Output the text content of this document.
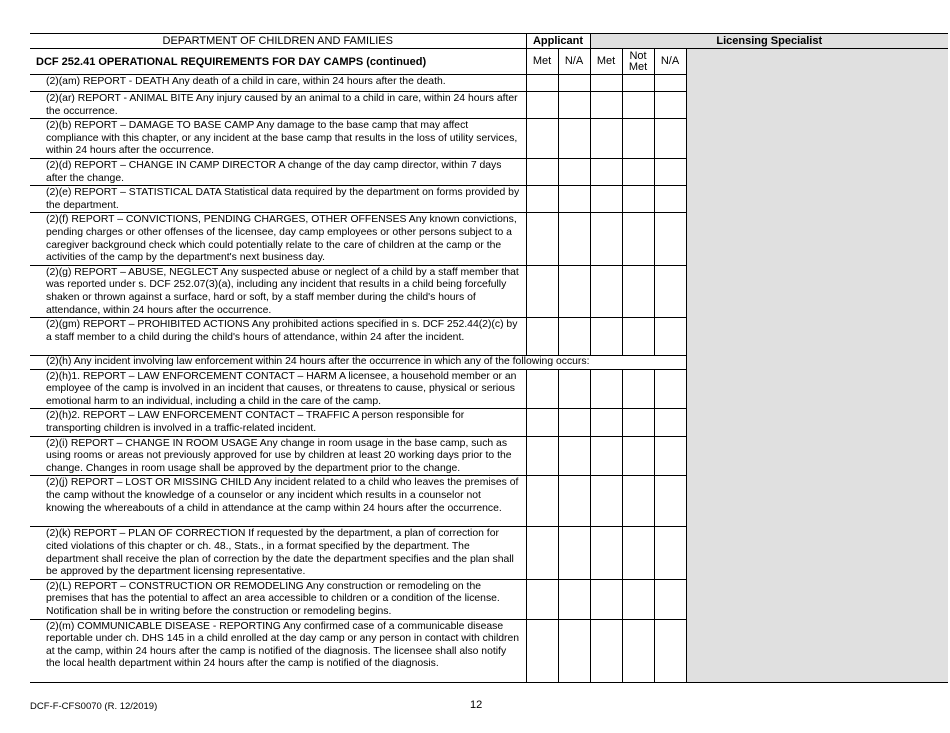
DEPARTMENT OF CHILDREN AND FAMILIES	Applicant		Licensing Specialist			
DCF 252.41 OPERATIONAL REQUIREMENTS FOR DAY CAMPS (continued)	Met	N/A	Met	Not Met	N/A	
(2)(am) REPORT - DEATH Any death of a child in care, within 24 hours after the death.						
(2)(ar) REPORT - ANIMAL BITE Any injury caused by an animal to a child in care, within 24 hours after the occurrence.						
(2)(b) REPORT – DAMAGE TO BASE CAMP Any damage to the base camp that may affect compliance with this chapter, or any incident at the base camp that results in the loss of utility services, within 24 hours after the occurrence.						
(2)(d) REPORT – CHANGE IN CAMP DIRECTOR A change of the day camp director, within 7 days after the change.						
(2)(e) REPORT – STATISTICAL DATA Statistical data required by the department on forms provided by the department.						
(2)(f) REPORT – CONVICTIONS, PENDING CHARGES, OTHER OFFENSES Any known convictions, pending charges or other offenses of the licensee, day camp employees or other persons subject to a caregiver background check which could potentially relate to the care of children at the camp or the activities of the camp by the department's next business day.						
(2)(g) REPORT – ABUSE, NEGLECT Any suspected abuse or neglect of a child by a staff member that was reported under s. DCF 252.07(3)(a), including any incident that results in a child being forcefully shaken or thrown against a surface, hard or soft, by a staff member during the child's hours of attendance, within 24 hours after the occurrence.						
(2)(gm) REPORT – PROHIBITED ACTIONS Any prohibited actions specified in s. DCF 252.44(2)(c) by a staff member to a child during the child's hours of attendance, within 24 after the incident.						
(2)(h) Any incident involving law enforcement within 24 hours after the occurrence in which any of the following occurs:						
(2)(h)1. REPORT – LAW ENFORCEMENT CONTACT – HARM A licensee, a household member or an employee of the camp is involved in an incident that causes, or threatens to cause, physical or serious emotional harm to an individual, including a child in the care of the camp.						
(2)(h)2. REPORT – LAW ENFORCEMENT CONTACT – TRAFFIC A person responsible for transporting children is involved in a traffic-related incident.						
(2)(i) REPORT – CHANGE IN ROOM USAGE Any change in room usage in the base camp, such as using rooms or areas not previously approved for use by children at least 20 working days prior to the change. Changes in room usage shall be approved by the department prior to the change.						
(2)(j) REPORT – LOST OR MISSING CHILD Any incident related to a child who leaves the premises of the camp without the knowledge of a counselor or any incident which results in a counselor not knowing the whereabouts of a child in attendance at the camp within 24 hours after the occurrence.						
(2)(k) REPORT – PLAN OF CORRECTION If requested by the department, a plan of correction for cited violations of this chapter or ch. 48., Stats., in a format specified by the department. The department shall receive the plan of correction by the date the department specifies and the plan shall be approved by the department licensing representative.						
(2)(L) REPORT – CONSTRUCTION OR REMODELING Any construction or remodeling on the premises that has the potential to affect an area accessible to children or a condition of the license. Notification shall be in writing before the construction or remodeling begins.						
(2)(m) COMMUNICABLE DISEASE - REPORTING Any confirmed case of a communicable disease reportable under ch. DHS 145 in a child enrolled at the day camp or any person in contact with children at the camp, within 24 hours after the camp is notified of the diagnosis. The licensee shall also notify the local health department within 24 hours after the camp is notified of the diagnosis.						
DCF-F-CFS0070 (R. 12/2019)	12
